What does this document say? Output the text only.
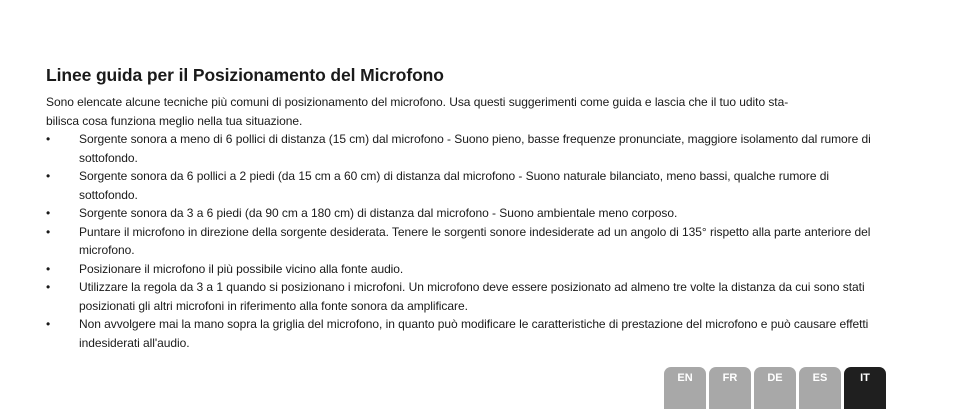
Linee guida per il Posizionamento del Microfono

Sono elencate alcune tecniche più comuni di posizionamento del microfono. Usa questi suggerimenti come guida e lascia che il tuo udito sta-
bilisca cosa funziona meglio nella tua situazione.

• Sorgente sonora a meno di 6 pollici di distanza (15 cm) dal microfono - Suono pieno, basse frequenze pronunciate, maggiore isolamento dal rumore di sottofondo.
• Sorgente sonora da 6 pollici a 2 piedi (da 15 cm a 60 cm) di distanza dal microfono - Suono naturale bilanciato, meno bassi, qualche rumore di sottofondo.
• Sorgente sonora da 3 a 6 piedi (da 90 cm a 180 cm) di distanza dal microfono - Suono ambientale meno corposo.
• Puntare il microfono in direzione della sorgente desiderata. Tenere le sorgenti sonore indesiderate ad un angolo di 135° rispetto alla parte anteriore del microfono.
• Posizionare il microfono il più possibile vicino alla fonte audio.
• Utilizzare la regola da 3 a 1 quando si posizionano i microfoni. Un microfono deve essere posizionato ad almeno tre volte la distanza da cui sono stati posizionati gli altri microfoni in riferimento alla fonte sonora da amplificare.
• Non avvolgere mai la mano sopra la griglia del microfono, in quanto può modificare le caratteristiche di prestazione del microfono e può causare effetti indesiderati all'audio.
EN	FR	DE	ES	IT
